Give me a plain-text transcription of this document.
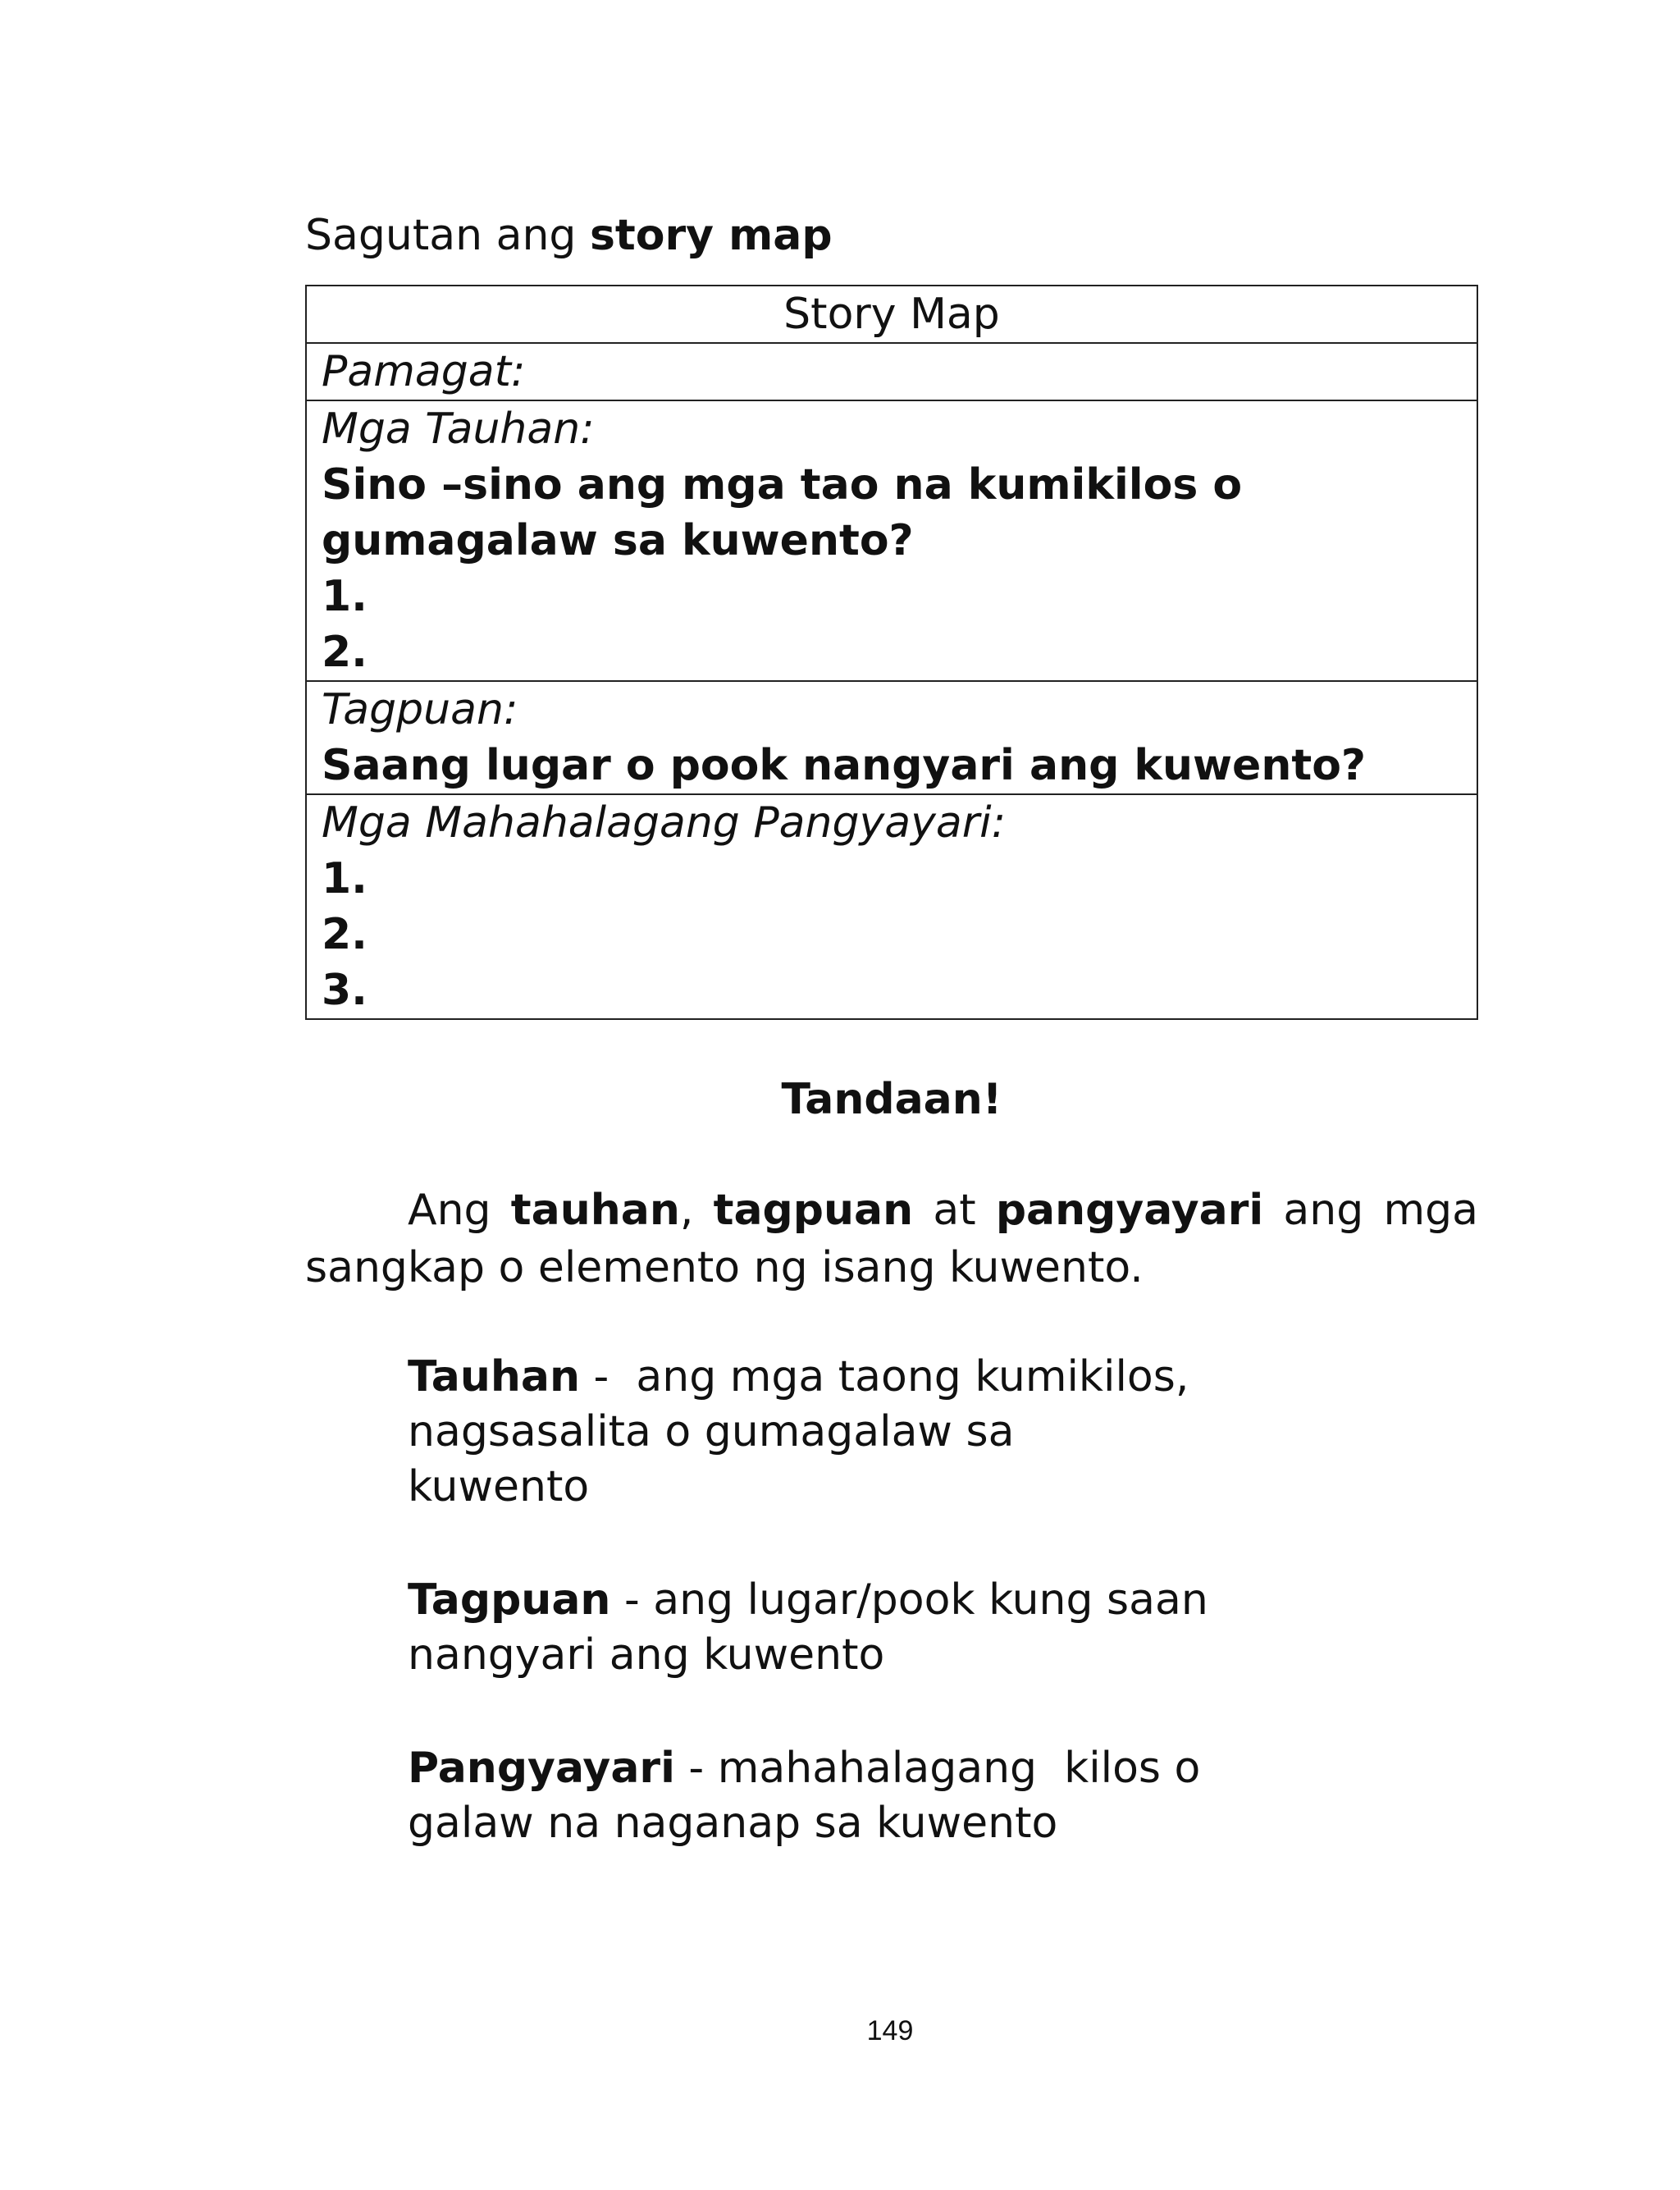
Sagutan ang story map
Story Map

Pamagat:

Mga Tauhan:
Sino –sino ang mga tao na kumikilos o gumagalaw sa kuwento?
1.
2.

Tagpuan:
Saang lugar o pook nangyari ang kuwento?

Mga Mahahalagang Pangyayari:
1.
2.
3.
Tandaan!
Ang tauhan, tagpuan at pangyayari ang mga sangkap o elemento ng isang kuwento.
Tauhan -  ang mga taong kumikilos,
nagsasalita o gumagalaw sa
kuwento
Tagpuan - ang lugar/pook kung saan
nangyari ang kuwento
Pangyayari - mahahalagang  kilos o
galaw na naganap sa kuwento
149
